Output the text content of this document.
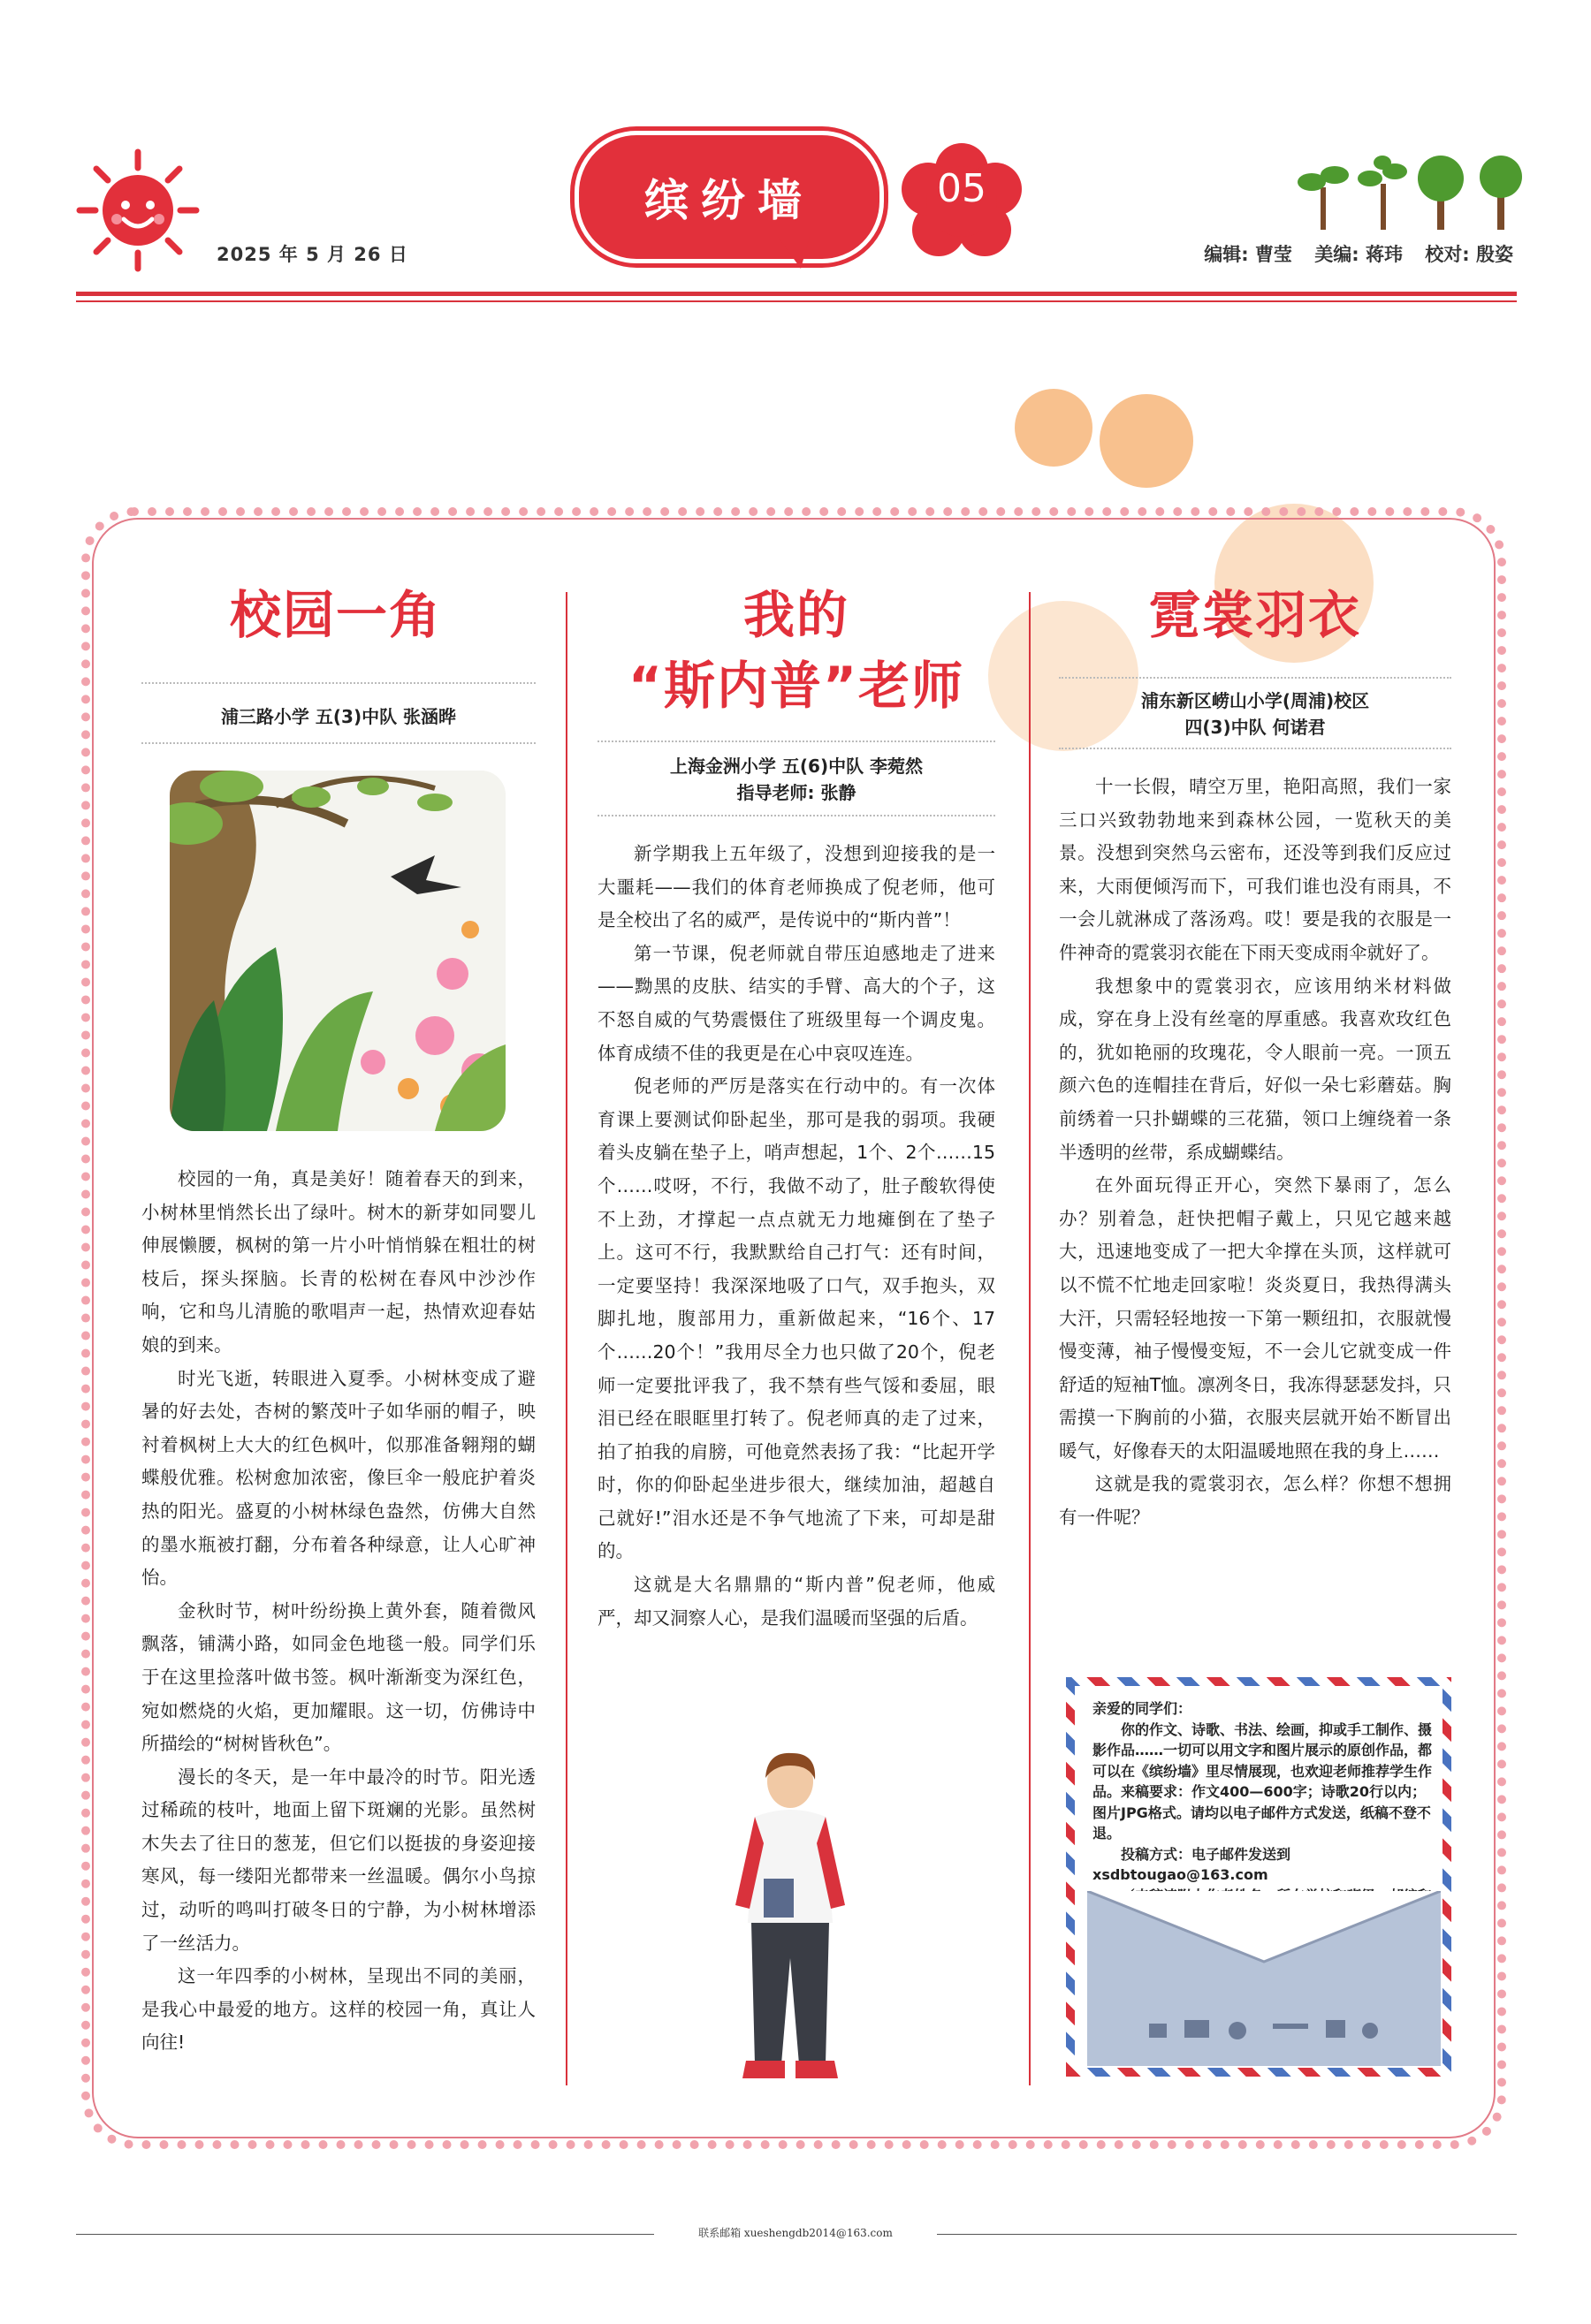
2025 年 5 月 26 日
缤纷墙	05
编辑: 曹莹 美编: 蒋玮 校对: 殷姿
校园一角
浦三路小学 五(3)中队 张涵晔

校园的一角，真是美好！随着春天的到来，小树林里悄然长出了绿叶。树木的新芽如同婴儿伸展懒腰，枫树的第一片小叶悄悄躲在粗壮的树枝后，探头探脑。长青的松树在春风中沙沙作响，它和鸟儿清脆的歌唱声一起，热情欢迎春姑娘的到来。

时光飞逝，转眼进入夏季。小树林变成了避暑的好去处，杏树的繁茂叶子如华丽的帽子，映衬着枫树上大大的红色枫叶，似那准备翱翔的蝴蝶般优雅。松树愈加浓密，像巨伞一般庇护着炎热的阳光。盛夏的小树林绿色盎然，仿佛大自然的墨水瓶被打翻，分布着各种绿意，让人心旷神怡。

金秋时节，树叶纷纷换上黄外套，随着微风飘落，铺满小路，如同金色地毯一般。同学们乐于在这里捡落叶做书签。枫叶渐渐变为深红色，宛如燃烧的火焰，更加耀眼。这一切，仿佛诗中所描绘的“树树皆秋色”。

漫长的冬天，是一年中最冷的时节。阳光透过稀疏的枝叶，地面上留下斑斓的光影。虽然树木失去了往日的葱茏，但它们以挺拔的身姿迎接寒风，每一缕阳光都带来一丝温暖。偶尔小鸟掠过，动听的鸣叫打破冬日的宁静，为小树林增添了一丝活力。

这一年四季的小树林，呈现出不同的美丽，是我心中最爱的地方。这样的校园一角，真让人向往!

我的
“斯内普”老师
上海金洲小学 五(6)中队 李菀然
指导老师: 张静

新学期我上五年级了，没想到迎接我的是一大噩耗——我们的体育老师换成了倪老师，他可是全校出了名的威严，是传说中的“斯内普”！

第一节课，倪老师就自带压迫感地走了进来——黝黑的皮肤、结实的手臂、高大的个子，这不怒自威的气势震慑住了班级里每一个调皮鬼。体育成绩不佳的我更是在心中哀叹连连。

倪老师的严厉是落实在行动中的。有一次体育课上要测试仰卧起坐，那可是我的弱项。我硬着头皮躺在垫子上，哨声想起，1个、2个……15个……哎呀，不行，我做不动了，肚子酸软得使不上劲，才撑起一点点就无力地瘫倒在了垫子上。这可不行，我默默给自己打气：还有时间，一定要坚持！我深深地吸了口气，双手抱头，双脚扎地，腹部用力，重新做起来，“16个、17个……20个！”我用尽全力也只做了20个，倪老师一定要批评我了，我不禁有些气馁和委屈，眼泪已经在眼眶里打转了。倪老师真的走了过来，拍了拍我的肩膀，可他竟然表扬了我：“比起开学时，你的仰卧起坐进步很大，继续加油，超越自己就好!”泪水还是不争气地流了下来，可却是甜的。

这就是大名鼎鼎的“斯内普”倪老师，他威严，却又洞察人心，是我们温暖而坚强的后盾。

霓裳羽衣
浦东新区崂山小学(周浦)校区
四(3)中队 何诺君

十一长假，晴空万里，艳阳高照，我们一家三口兴致勃勃地来到森林公园，一览秋天的美景。没想到突然乌云密布，还没等到我们反应过来，大雨便倾泻而下，可我们谁也没有雨具，不一会儿就淋成了落汤鸡。哎！要是我的衣服是一件神奇的霓裳羽衣能在下雨天变成雨伞就好了。

我想象中的霓裳羽衣，应该用纳米材料做成，穿在身上没有丝毫的厚重感。我喜欢玫红色的，犹如艳丽的玫瑰花，令人眼前一亮。一顶五颜六色的连帽挂在背后，好似一朵七彩蘑菇。胸前绣着一只扑蝴蝶的三花猫，领口上缠绕着一条半透明的丝带，系成蝴蝶结。

在外面玩得正开心，突然下暴雨了，怎么办？别着急，赶快把帽子戴上，只见它越来越大，迅速地变成了一把大伞撑在头顶，这样就可以不慌不忙地走回家啦！炎炎夏日，我热得满头大汗，只需轻轻地按一下第一颗纽扣，衣服就慢慢变薄，袖子慢慢变短，不一会儿它就变成一件舒适的短袖T恤。凛冽冬日，我冻得瑟瑟发抖，只需摸一下胸前的小猫，衣服夹层就开始不断冒出暖气，好像春天的太阳温暖地照在我的身上……

这就是我的霓裳羽衣，怎么样？你想不想拥有一件呢？

亲爱的同学们：

你的作文、诗歌、书法、绘画，抑或手工制作、摄影作品……一切可以用文字和图片展示的原创作品，都可以在《缤纷墙》里尽情展现，也欢迎老师推荐学生作品。来稿要求：作文400—600字；诗歌20行以内；图片JPG格式。请均以电子邮件方式发送，纸稿不登不退。

投稿方式：电子邮件发送到xsdbtougao@163.com

联系邮箱 xueshengdb2014@163.com
